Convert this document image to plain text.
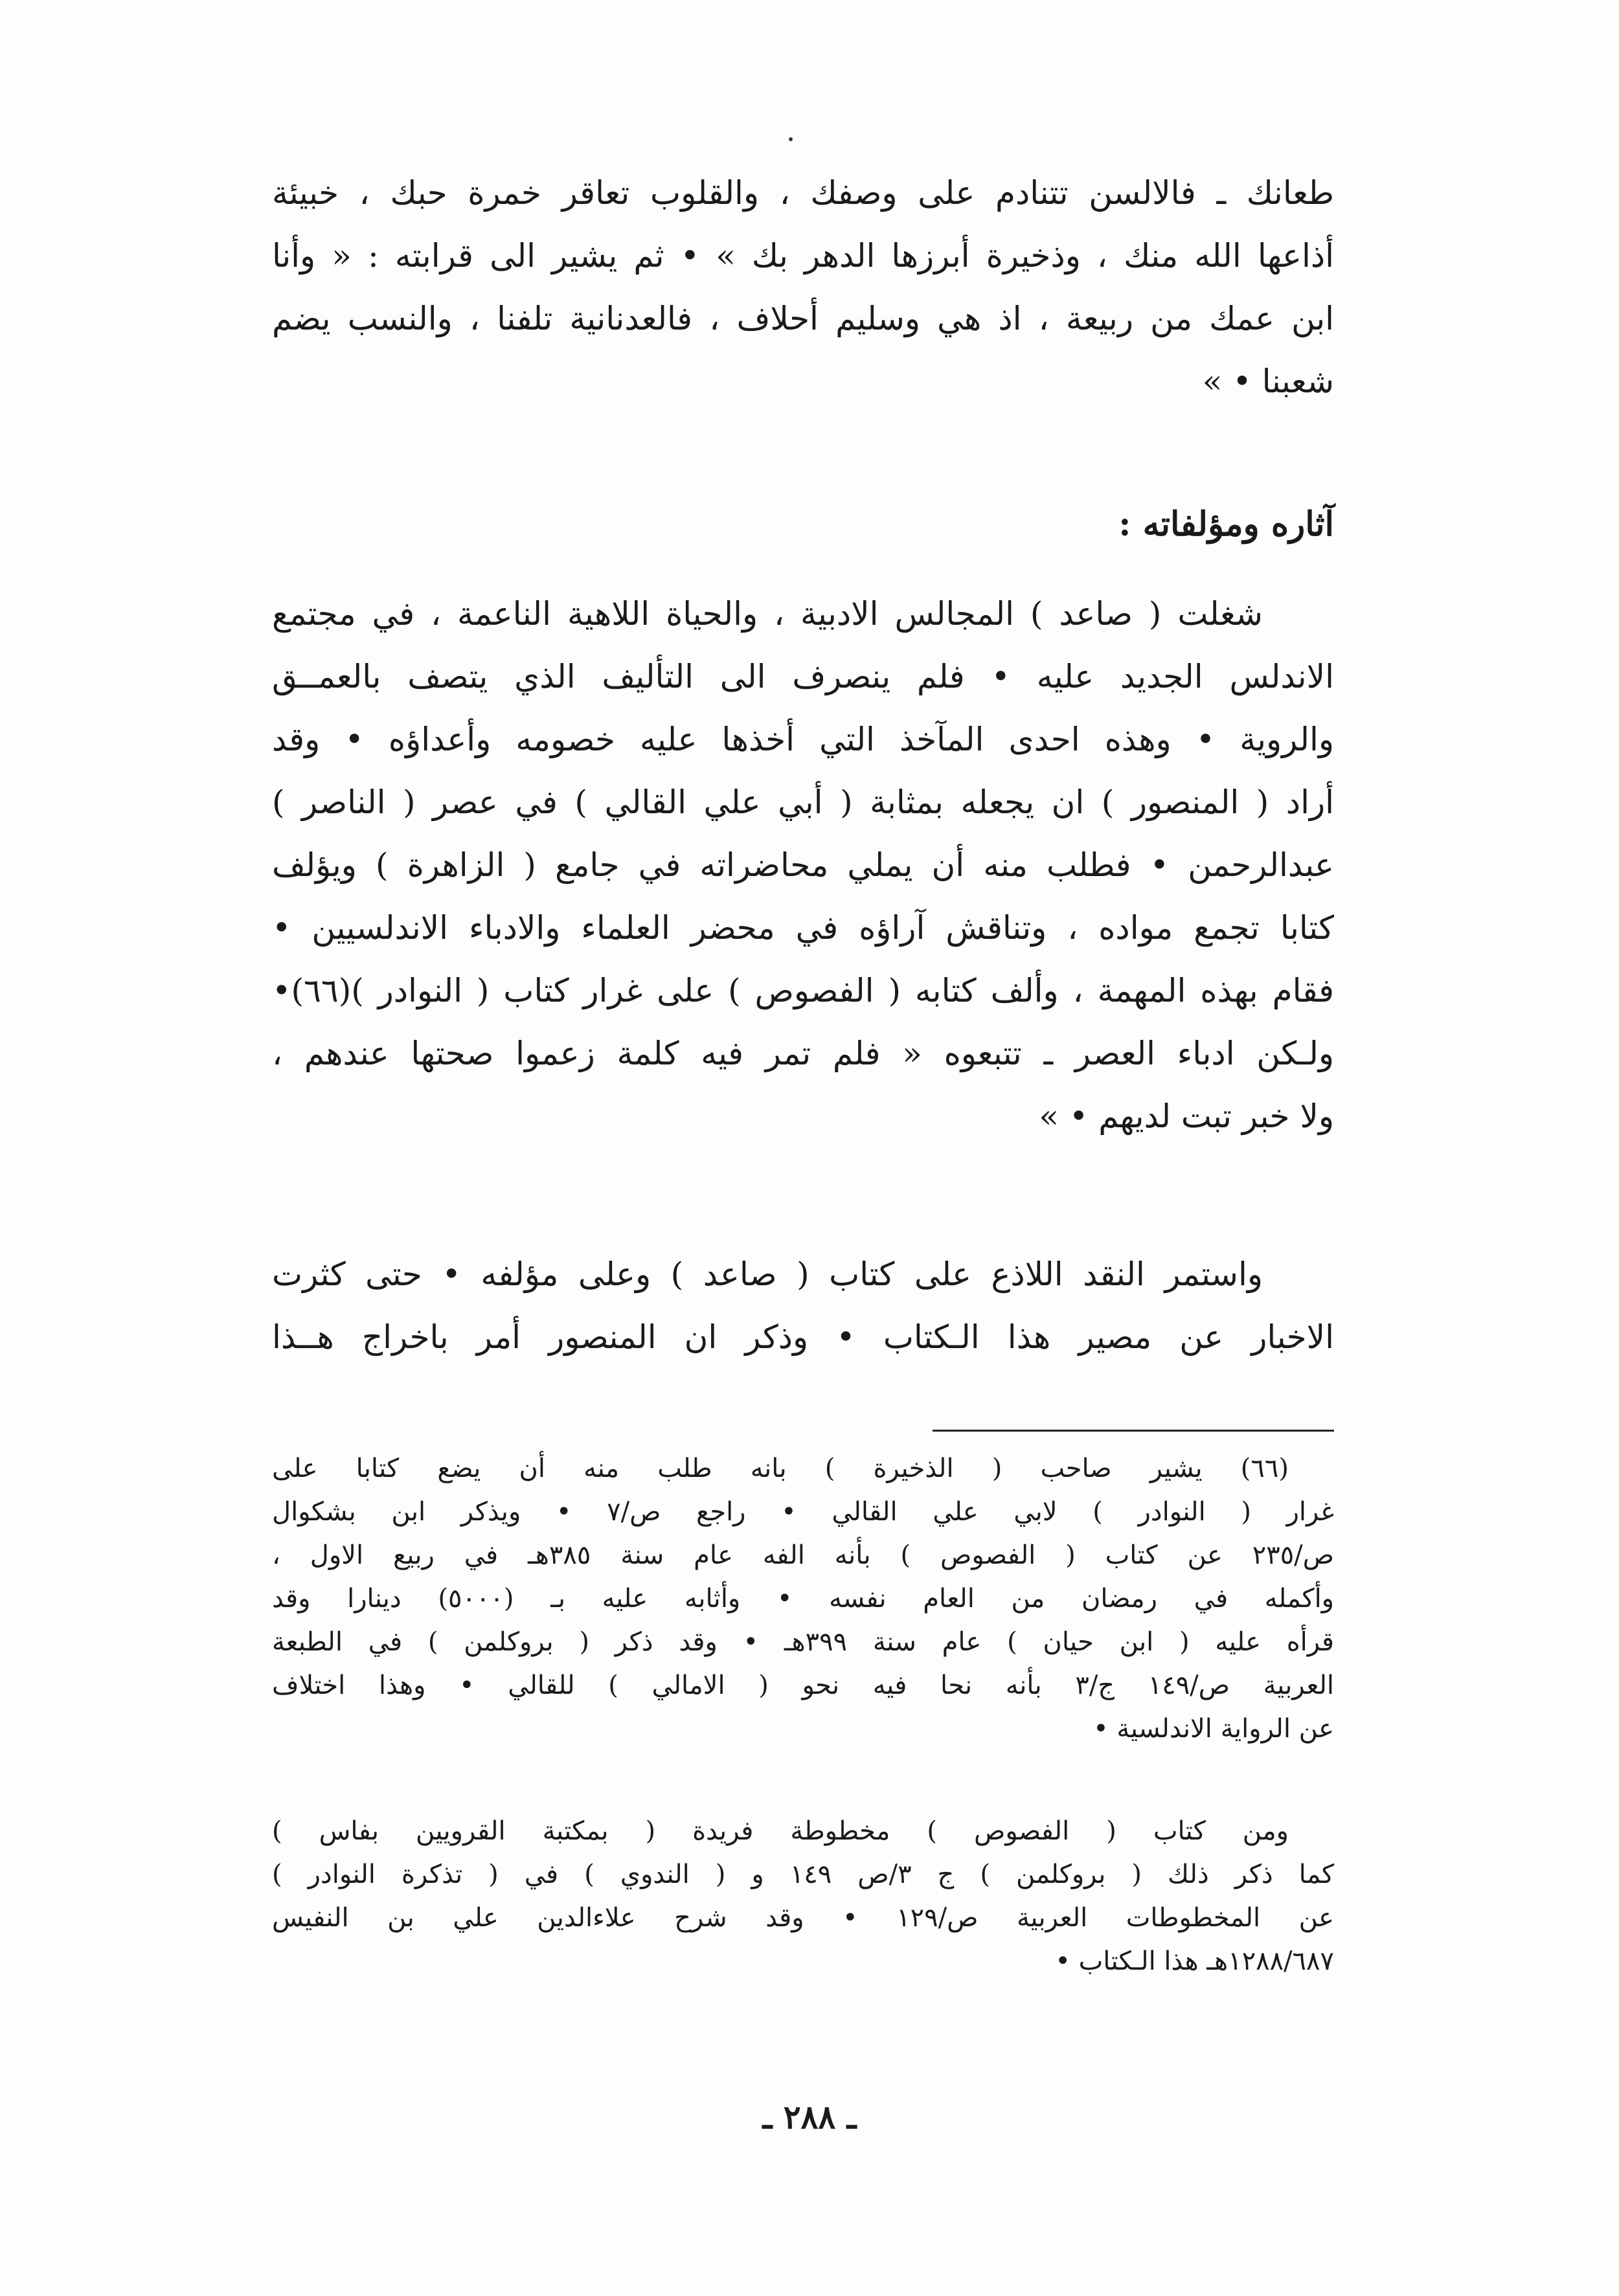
طعانك ـ فالالسن تتنادم على وصفك ، والقلوب تعاقر خمرة حبك ، خبيئة
أذاعها الله منك ، وذخيرة أبرزها الدهر بك » • ثم يشير الى قرابته : « وأنا
ابن عمك من ربيعة ، اذ هي وسليم أحلاف ، فالعدنانية تلفنا ، والنسب يضم
شعبنا • »
آثاره ومؤلفاته :
شغلت ( صاعد ) المجالس الادبية ، والحياة اللاهية الناعمة ، في مجتمع
الاندلس الجديد عليه • فلم ينصرف الى التأليف الذي يتصف بالعمــق
والروية • وهذه احدى المآخذ التي أخذها عليه خصومه وأعداؤه • وقد
أراد ( المنصور ) ان يجعله بمثابة ( أبي علي القالي ) في عصر ( الناصر )
عبدالرحمن • فطلب منه أن يملي محاضراته في جامع ( الزاهرة ) ويؤلف
كتابا تجمع مواده ، وتناقش آراؤه في محضر العلماء والادباء الاندلسيين •
فقام بهذه المهمة ، وألف كتابه ( الفصوص ) على غرار كتاب ( النوادر )(٦٦)•
ولـكن ادباء العصر ـ تتبعوه « فلم تمر فيه كلمة زعموا صحتها عندهم ،
ولا خبر تبت لديهم • »
واستمر النقد اللاذع على كتاب ( صاعد ) وعلى مؤلفه • حتى كثرت
الاخبار عن مصير هذا الـكتاب • وذكر ان المنصور أمر باخراج هــذا
(٦٦) يشير صاحب ( الذخيرة ) بانه طلب منه أن يضع كتابا على
غرار ( النوادر ) لابي علي القالي • راجع ص/٧ • ويذكر ابن بشكوال
ص/٢٣٥ عن كتاب ( الفصوص ) بأنه الفه عام سنة ٣٨٥هـ في ربيع الاول ،
وأكمله في رمضان من العام نفسه • وأثابه عليه بـ (٥٠٠٠) دينارا وقد
قرأه عليه ( ابن حيان ) عام سنة ٣٩٩هـ • وقد ذكر ( بروكلمن ) في الطبعة
العربية ص/١٤٩ ج/٣ بأنه نحا فيه نحو ( الامالي ) للقالي • وهذا اختلاف
عن الرواية الاندلسية •
ومن كتاب ( الفصوص ) مخطوطة فريدة ( بمكتبة القرويين بفاس )
كما ذكر ذلك ( بروكلمن ) ج ٣/ص ١٤٩ و ( الندوي ) في ( تذكرة النوادر )
عن المخطوطات العربية ص/١٢٩ • وقد شرح علاءالدين علي بن النفيس
١٢٨٨/٦٨٧هـ هذا الـكتاب •
ـ ٢٨٨ ـ
